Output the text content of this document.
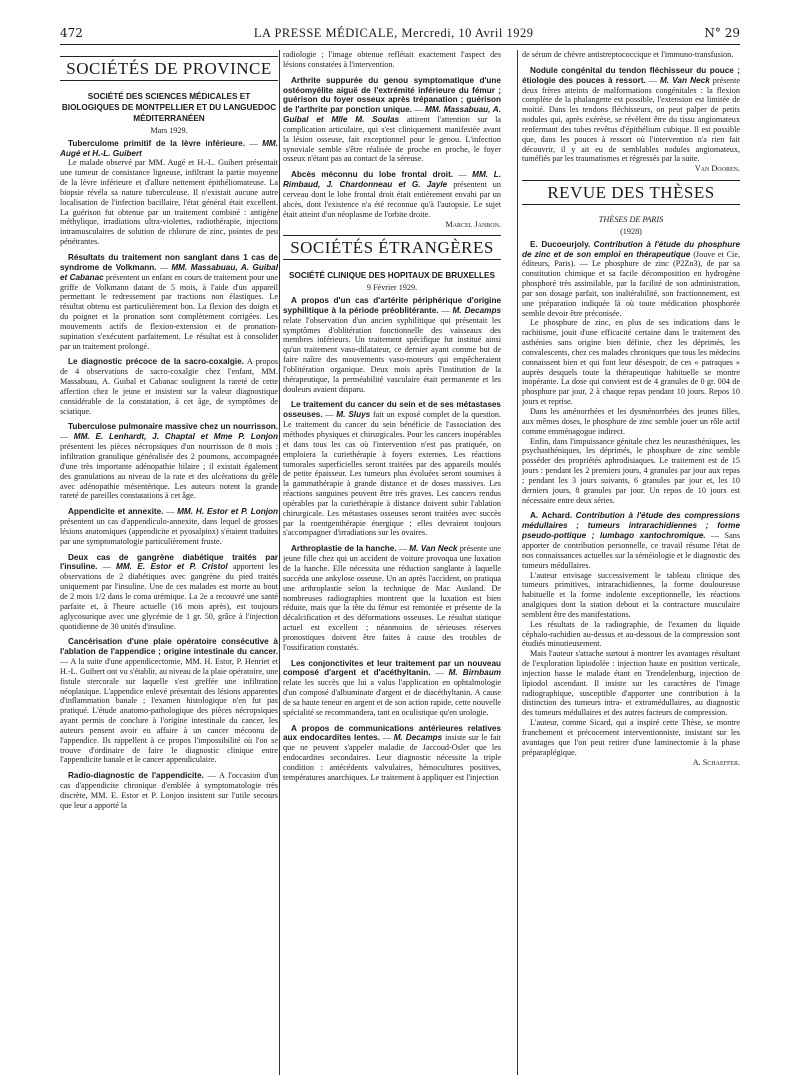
472	LA PRESSE MÉDICALE, Mercredi, 10 Avril 1929	N° 29
SOCIÉTÉS DE PROVINCE
SOCIÉTÉ DES SCIENCES MÉDICALES ET BIOLOGIQUES DE MONTPELLIER ET DU LANGUEDOC MÉDITERRANÉEN
Mars 1929.

Tuberculome primitif de la lèvre inférieure. — MM. Augé et H.-L. Guibert

Le malade observé par MM. Augé et H.-L. Guibert présentait une tumeur de consistance ligneuse, infiltrant la partie moyenne de la lèvre inférieure et d'allure nettement épithéliomateuse. La biopsie révéla sa nature tuberculeuse. Il n'existait aucune autre localisation de l'infection bacillaire, l'état général était excellent. La guérison fut obtenue par un traitement combiné : antigène méthylique, irradiations ultra-violettes, radiothérapie, injections intramusculaires de solution de chlorure de zinc, pointes de peu pénétrantes.

Résultats du traitement non sanglant dans 1 cas de syndrome de Volkmann. — MM. Massabuau, A. Guibal et Cabanac présentent un enfant en cours de traitement pour une griffe de Volkmann datant de 5 mois, à l'aide d'un appareil permettant le redressement par tractions non élastiques. Le résultat obtenu est particulièrement bon. La flexion des doigts et du poignet et la pronation sont complètement corrigées. Les mouvements actifs de flexion-extension et de pronation-supination s'exécutent parfaitement. Le résultat est à consolider par un traitement prolongé.

Le diagnostic précoce de la sacro-coxalgie. A propos de 4 observations de sacro-coxalgie chez l'enfant, MM. Massabuau, A. Guibal et Cabanac soulignent la rareté de cette affection chez le jeune et insistent sur la valeur diagnostique considérable de la constatation, à cet âge, de symptômes de sciatique.

Tuberculose pulmonaire massive chez un nourrisson. — MM. E. Lenhardt, J. Chaptal et Mme P. Lonjon présentent les pièces nécropsiques d'un nourrisson de 8 mois : infiltration granulique généralisée des 2 poumons, accompagnée d'une très importante adénopathie hilaire ; il existait également des granulations au niveau de la rate et des ulcérations du grêle avec adénopathie mésentérique. Les auteurs notent la grande rareté de pareilles constatations à cet âge.

Appendicite et annexite. — MM. H. Estor et P. Lonjon présentent un cas d'appendiculo-annexite, dans lequel de grosses lésions anatomiques (appendicite et pyosalpinx) s'étaient traduites par une symptomatologie particulièrement fruste.

Deux cas de gangrène diabétique traités par l'insuline. — MM. E. Estor et P. Cristol apportent les observations de 2 diabétiques avec gangrène du pied traités uniquement par l'insuline. Une de ces malades est morte au bout de 2 mois 1/2 dans le coma urémique. La 2e a recouvré une santé parfaite et, à l'heure actuelle (16 mois après), est toujours aglycosurique avec une glycémie de 1 gr. 50, grâce à l'injection quotidienne de 30 unités d'insuline.

Cancérisation d'une plaie opératoire consécutive à l'ablation de l'appendice ; origine intestinale du cancer. — A la suite d'une appendicectomie, MM. H. Estor, P. Henriet et H.-L. Guibert ont vu s'établir, au niveau de la plaie opératoire, une fistule stercorale sur laquelle s'est greffée une infiltration néoplasique. L'appendice enlevé présentait des lésions apparentes d'inflammation banale ; l'examen histologique n'en fut pas pratiqué. L'étude anatomo-pathologique des pièces nécropsiques ayant permis de conclure à l'origine intestinale du cancer, les auteurs pensent avoir eu affaire à un cancer méconnu de l'appendice. Ils rappellent à ce propos l'impossibilité où l'on se trouve d'ordinaire de faire le diagnostic clinique entre l'appendicite banale et le cancer appendiculaire.

Radio-diagnostic de l'appendicite. — A l'occasion d'un cas d'appendicite chronique d'emblée à symptomatologie très discrète, MM. E. Estor et P. Lonjon insistent sur l'utile secours que leur a apporté la

radiologie ; l'image obtenue reflétait exactement l'aspect des lésions constatées à l'intervention.

Arthrite suppurée du genou symptomatique d'une ostéomyélite aiguë de l'extrémité inférieure du fémur ; guérison du foyer osseux après trépanation ; guérison de l'arthrite par ponction unique. — MM. Massabuau, A. Guibal et Mlle M. Soulas attirent l'attention sur la complication articulaire, qui s'est cliniquement manifestée avant la lésion osseuse, fait exceptionnel pour le genou. L'infection synoviale semble s'être réalisée de proche en proche, le foyer osseux n'étant pas au contact de la séreuse.

Abcès méconnu du lobe frontal droit. — MM. L. Rimbaud, J. Chardonneau et G. Jayle présentent un cerveau dont le lobe frontal droit était entièrement envahi par un abcès, dont l'existence n'a été reconnue qu'à l'autopsie. Le sujet était atteint d'un néoplasme de l'orbite droite.

Marcel Janbon.

SOCIÉTÉS ÉTRANGÈRES
SOCIÉTÉ CLINIQUE DES HOPITAUX DE BRUXELLES
9 Février 1929.

A propos d'un cas d'artérite périphérique d'origine syphilitique à la période préoblitérante. — M. Decamps relate l'observation d'un ancien syphilitique qui présentait les symptômes d'oblitération fonctionnelle des vaisseaux des membres inférieurs. Un traitement spécifique fut institué ainsi qu'un traitement vaso-dilatateur, ce dernier ayant comme but de faire naître des mouvements vaso-moteurs qui empêcheraient l'oblitération organique. Deux mois après l'institution de la thérapeutique, la perméabilité vasculaire était permanente et les douleurs avaient disparu.

Le traitement du cancer du sein et de ses métastases osseuses. — M. Sluys fait un exposé complet de la question. Le traitement du cancer du sein bénéficie de l'association des méthodes physiques et chirurgicales. Pour les cancers inopérables et dans tous les cas où l'intervention n'est pas pratiquée, on emploiera la curiethérapie à foyers externes. Les réactions tumorales superficielles seront traitées par des appareils moulés de petite épaisseur. Les tumeurs plus évoluées seront soumises à la gammathérapie à grande distance et de doses massives. Les réactions sanguines peuvent être très graves. Les cancers rendus opérables par la curiethérapie à distance doivent subir l'ablation chirurgicale. Les métastases osseuses seront traitées avec succès par la roentgenthérapie énergique ; elles devraient toujours s'accompagner d'irradiations sur les ovaires.

Arthroplastie de la hanche. — M. Van Neck présente une jeune fille chez qui un accident de voiture provoqua une luxation de la hanche. Elle nécessita une réduction sanglante à laquelle succéda une ankylose osseuse. Un an après l'accident, on pratiqua une arthroplastie selon la technique de Mac Ausland. De nombreuses radiographies montrent que la luxation est bien réduite, mais que la tête du fémur est remontée et présente de la décalcification et des déformations osseuses. Le résultat statique actuel est excellent ; néanmoins de sérieuses réserves pronostiques doivent être faites à cause des troubles de l'ossification constatés.

Les conjonctivites et leur traitement par un nouveau composé d'argent et d'acéthyltanin. — M. Birnbaum relate les succès que lui a valus l'application en ophtalmologie d'un composé d'albuminate d'argent et de diacéthyltanin. A cause de sa haute teneur en argent et de son action rapide, cette nouvelle spécialité se recommandera, tant en oculistique qu'en urologie.

A propos de communications antérieures relatives aux endocardites lentes. — M. Decamps insiste sur le fait que ne peuvent s'appeler maladie de Jaccoud-Osler que les endocardites secondaires. Leur diagnostic nécessite la triple condition : antécédents valvulaires, hémocultures positives, températures anarchiques. Le traitement à appliquer est l'injection

de sérum de chèvre antistreptococcique et l'immuno-transfusion.

Nodule congénital du tendon fléchisseur du pouce ; étiologie des pouces à ressort. — M. Van Neck présente deux frères atteints de malformations congénitales : la flexion complète de la phalangette est possible, l'extension est limitée de moitié. Dans les tendons fléchisseurs, on peut palper de petits nodules qui, après exérèse, se révèlent être du tissu angiomateux renfermant des tubes revêtus d'épithélium cubique. Il est possible que, dans les pouces à ressort où l'intervention n'a rien fait découvrir, il y ait eu de semblables nodules angiomateux, tuméfiés par les traumatismes et régressés par la suite.

Van Dooren.

REVUE DES THÈSES
THÈSES DE PARIS
(1928)

E. Ducoeurjoly. Contribution à l'étude du phosphure de zinc et de son emploi en thérapeutique (Jouve et Cie, éditeurs, Paris). — Le phosphure de zinc (P2Zn3), de par sa constitution chimique et sa facile décomposition en hydrogène phosphoré très assimilable, par la facilité de son administration, par son dosage parfait, son inaltérabilité, son fractionnement, est une préparation indiquée là où toute médication phosphorée semble devoir être préconisée.

Le phosphure de zinc, en plus de ses indications dans le rachitisme, jouit d'une efficacité certaine dans le traitement des asthénies sans origine bien définie, chez les déprimés, les convalescents, chez ces malades chroniques que tous les médecins connaissent bien et qui font leur désespoir, de ces « patraques » auprès desquels toute la thérapeutique habituelle se montre inopérante. La dose qui convient est de 4 granules de 0 gr. 004 de phosphure par jour, 2 à chaque repas pendant 10 jours. Repos 10 jours et reprise.

Dans les aménorrhées et les dysménorrhées des jeunes filles, aux mêmes doses, le phosphure de zinc semble jouer un rôle actif comme emménagogue indirect.

Enfin, dans l'impuissance génitale chez les neurasthéniques, les psychasthéniques, les déprimés, le phosphure de zinc semble posséder des propriétés aphrodisiaques. Le traitement est de 15 jours : pendant les 2 premiers jours, 4 granules par jour aux repas ; pendant les 3 jours suivants, 6 granules par jour et, les 10 derniers jours, 8 granules par jour. Un repos de 10 jours est nécessaire entre deux séries.

A. Achard. Contribution à l'étude des compressions médullaires ; tumeurs intrarachidiennes ; forme pseudo-pottique ; lumbago xantochromique. — Sans apporter de contribution personnelle, ce travail résume l'état de nos connaissances actuelles sur la séméiologie et le diagnostic des tumeurs médullaires.

L'auteur envisage successivement le tableau clinique des tumeurs primitives, intrarachidiennes, la forme douloureuse habituelle et la forme indolente exceptionnelle, les réactions analgiques dont la station debout et la contracture musculaire semblent être des manifestations.

Les résultats de la radiographie, de l'examen du liquide céphalo-rachidien au-dessus et au-dessous de la compression sont étudiés minutieusement.

Mais l'auteur s'attache surtout à montrer les avantages résultant de l'exploration lipiodolée : injection haute en position verticale, injection basse le malade étant en Trendelenburg, injection de lipiodol ascendant. Il insiste sur les caractères de l'image radiographique, susceptible d'apporter une contribution à la distinction des tumeurs intra- et extramédullaires, au diagnostic des tumeurs médullaires et des autres facteurs de compression.

L'auteur, comme Sicard, qui a inspiré cette Thèse, se montre franchement et précocement interventionniste, insistant sur les avantages que l'on peut retirer d'une laminectomie à la phase préparaplégique.

A. Schaeffer.
